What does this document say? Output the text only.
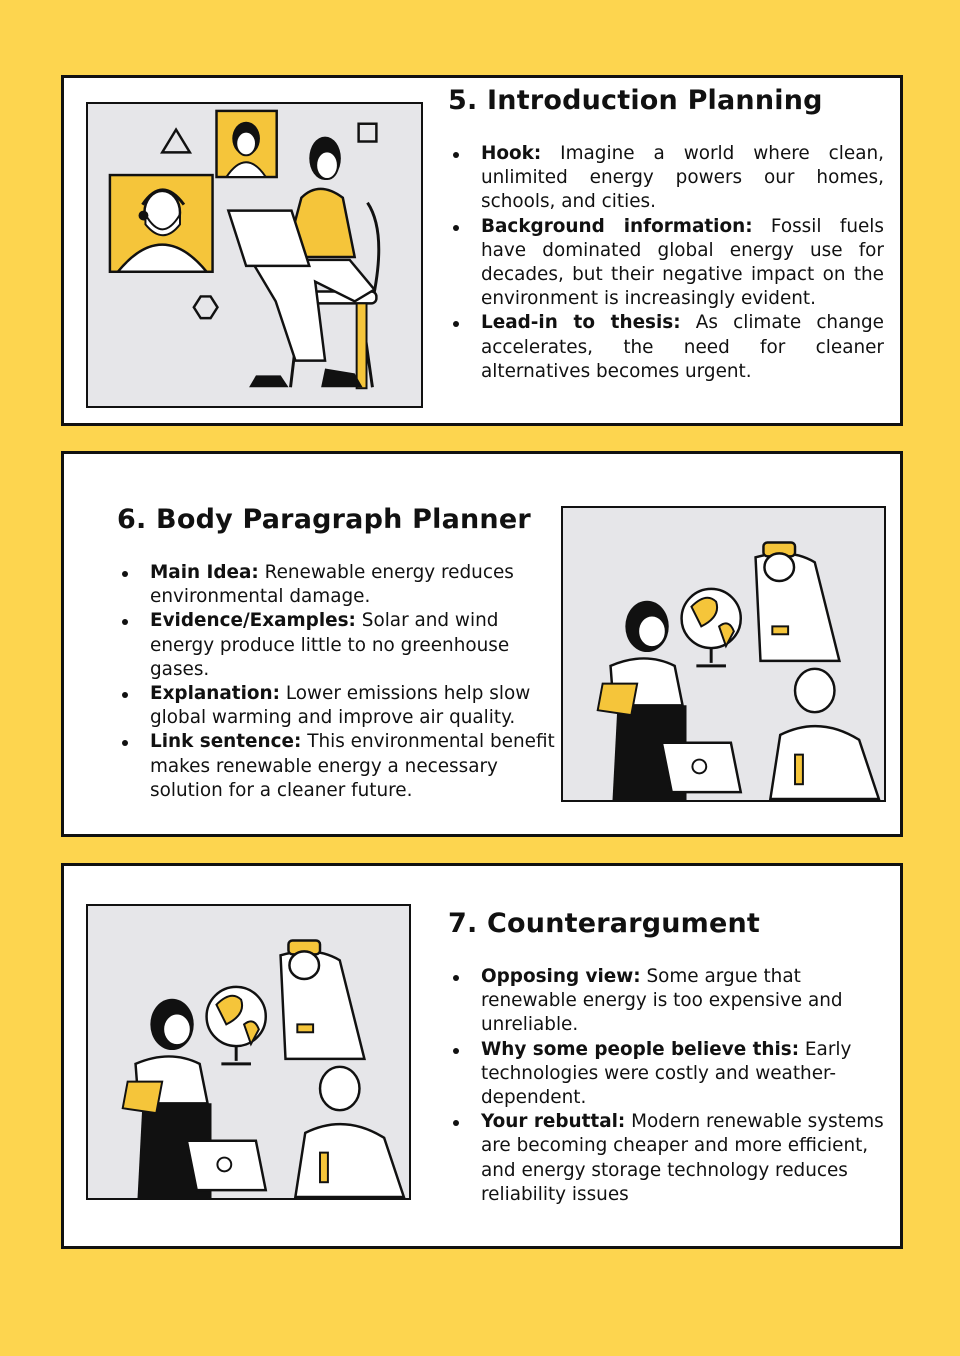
5. Introduction Planning
Hook: Imagine a world where clean, unlimited energy powers our homes, schools, and cities.
Background information: Fossil fuels have dominated global energy use for decades, but their negative impact on the environment is increasingly evident.
Lead-in to thesis: As climate change accelerates, the need for cleaner alternatives becomes urgent.
6. Body Paragraph Planner
Main Idea: Renewable energy reduces environmental damage.
Evidence/Examples: Solar and wind energy produce little to no greenhouse gases.
Explanation: Lower emissions help slow global warming and improve air quality.
Link sentence: This environmental benefit makes renewable energy a necessary solution for a cleaner future.
7. Counterargument
Opposing view: Some argue that renewable energy is too expensive and unreliable.
Why some people believe this: Early technologies were costly and weather-dependent.
Your rebuttal: Modern renewable systems are becoming cheaper and more efficient, and energy storage technology reduces reliability issues
